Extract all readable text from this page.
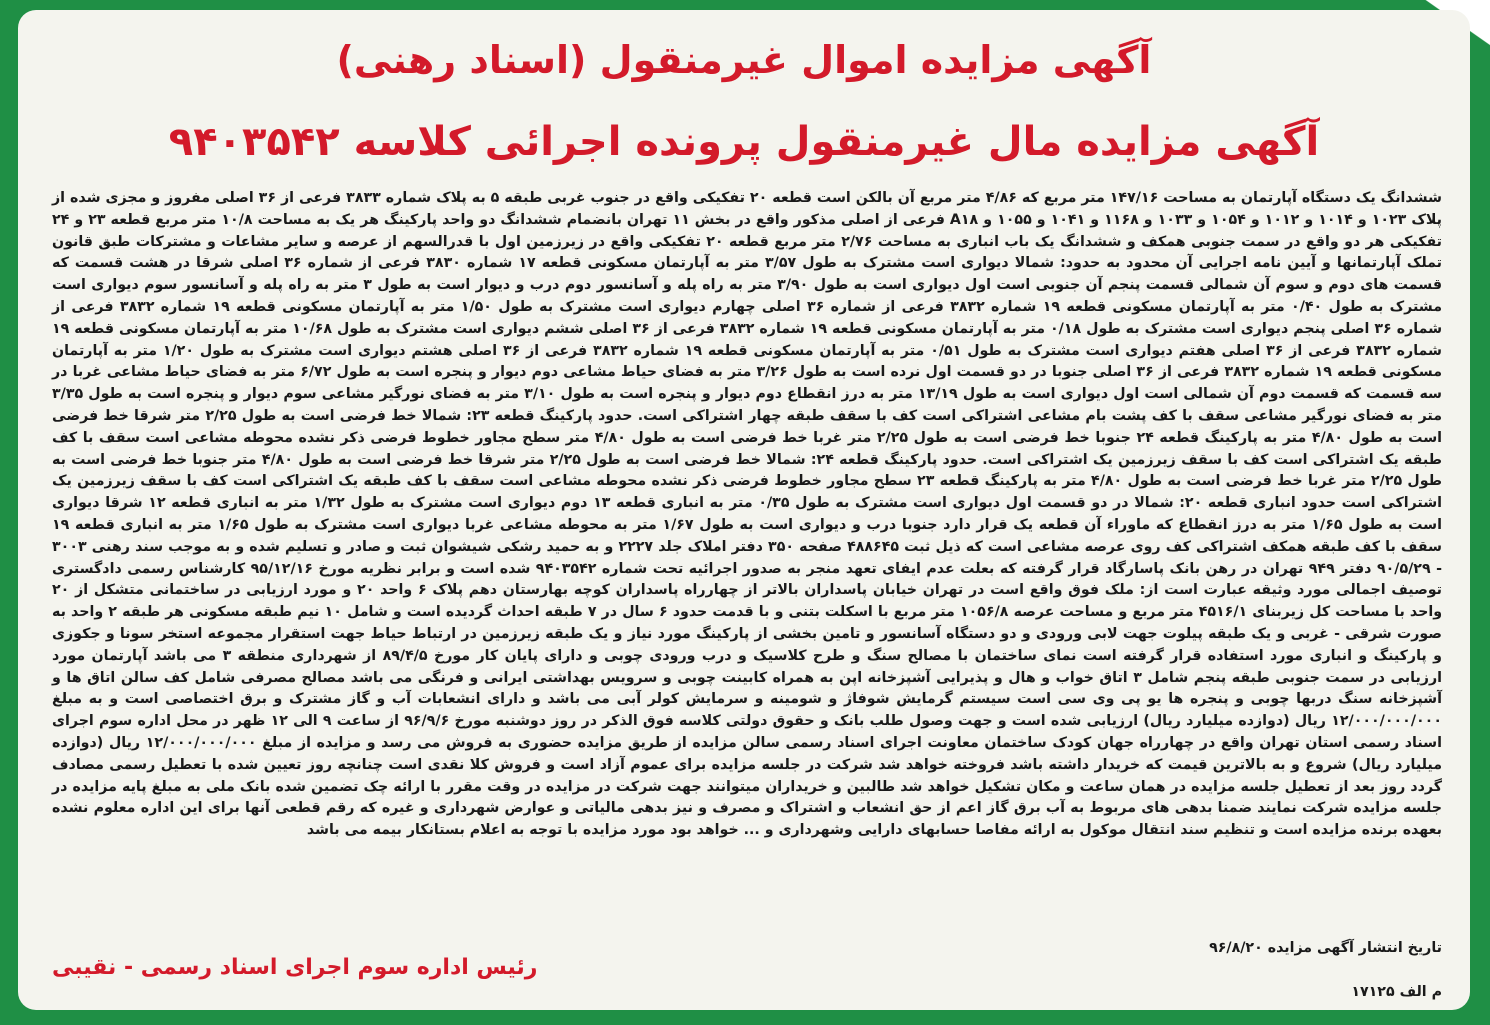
آگهی مزایده اموال غیرمنقول (اسناد رهنی)
آگهی مزایده مال غیرمنقول پرونده اجرائی کلاسه ۹۴۰۳۵۴۲

ششدانگ یک دستگاه آپارتمان به مساحت ۱۴۷/۱۶ متر مربع که ۴/۸۶ متر مربع آن بالکن است قطعه ۲۰ تفکیکی واقع در جنوب غربی طبقه ۵ به پلاک شماره ۳۸۳۳ فرعی از ۳۶ اصلی مفروز و مجزی شده از پلاک ۱۰۲۳ و ۱۰۱۴ و ۱۰۱۲ و ۱۰۵۴ و ۱۰۳۳ و ۱۱۶۸ و ۱۰۴۱ و ۱۰۵۵ و A۱۸ فرعی از اصلی مذکور واقع در بخش ۱۱ تهران بانضمام ششدانگ دو واحد پارکینگ هر یک به مساحت ۱۰/۸ متر مربع قطعه ۲۳ و ۲۴ تفکیکی هر دو واقع در سمت جنوبی همکف و ششدانگ یک باب انباری به مساحت ۲/۷۶ متر مربع قطعه ۲۰ تفکیکی واقع در زیرزمین اول با قدرالسهم از عرصه و سایر مشاعات و مشترکات طبق قانون تملک آپارتمانها و آیین نامه اجرایی آن محدود به حدود: شمالا دیواری است مشترک به طول ۳/۵۷ متر به آپارتمان مسکونی قطعه ۱۷ شماره ۳۸۳۰ فرعی از شماره ۳۶ اصلی شرقا در هشت قسمت که قسمت های دوم و سوم آن شمالی قسمت پنجم آن جنوبی است اول دیواری است به طول ۳/۹۰ متر به راه پله و آسانسور دوم درب و دیوار است به طول ۳ متر به راه پله و آسانسور سوم دیواری است مشترک به طول ۰/۴۰ متر به آپارتمان مسکونی قطعه ۱۹ شماره ۳۸۳۲ فرعی از شماره ۳۶ اصلی چهارم دیواری است مشترک به طول ۱/۵۰ متر به آپارتمان مسکونی قطعه ۱۹ شماره ۳۸۳۲ فرعی از شماره ۳۶ اصلی پنجم دیواری است مشترک به طول ۰/۱۸ متر به آپارتمان مسکونی قطعه ۱۹ شماره ۳۸۳۲ فرعی از ۳۶ اصلی ششم دیواری است مشترک به طول ۱۰/۶۸ متر به آپارتمان مسکونی قطعه ۱۹ شماره ۳۸۳۲ فرعی از ۳۶ اصلی هفتم دیواری است مشترک به طول ۰/۵۱ متر به آپارتمان مسکونی قطعه ۱۹ شماره ۳۸۳۲ فرعی از ۳۶ اصلی هشتم دیواری است مشترک به طول ۱/۲۰ متر به آپارتمان مسکونی قطعه ۱۹ شماره ۳۸۳۲ فرعی از ۳۶ اصلی جنوبا در دو قسمت اول نرده است به طول ۳/۲۶ متر به فضای حیاط مشاعی دوم دیوار و پنجره است به طول ۶/۷۲ متر به فضای حیاط مشاعی غربا در سه قسمت که قسمت دوم آن شمالی است اول دیواری است به طول ۱۳/۱۹ متر به درز انقطاع دوم دیوار و پنجره است به طول ۳/۱۰ متر به فضای نورگیر مشاعی سوم دیوار و پنجره است به طول ۳/۳۵ متر به فضای نورگیر مشاعی سقف با کف پشت بام مشاعی اشتراکی است کف با سقف طبقه چهار اشتراکی است. حدود پارکینگ قطعه ۲۳: شمالا خط فرضی است به طول ۲/۲۵ متر شرقا خط فرضی است به طول ۴/۸۰ متر به پارکینگ قطعه ۲۴ جنوبا خط فرضی است به طول ۲/۲۵ متر غربا خط فرضی است به طول ۴/۸۰ متر سطح مجاور خطوط فرضی ذکر نشده محوطه مشاعی است سقف با کف طبقه یک اشتراکی است کف با سقف زیرزمین یک اشتراکی است. حدود پارکینگ قطعه ۲۴: شمالا خط فرضی است به طول ۲/۲۵ متر شرقا خط فرضی است به طول ۴/۸۰ متر جنوبا خط فرضی است به طول ۲/۲۵ متر غربا خط فرضی است به طول ۴/۸۰ متر به پارکینگ قطعه ۲۳ سطح مجاور خطوط فرضی ذکر نشده محوطه مشاعی است سقف با کف طبقه یک اشتراکی است کف با سقف زیرزمین یک اشتراکی است حدود انباری قطعه ۲۰: شمالا در دو قسمت اول دیواری است مشترک به طول ۰/۳۵ متر به انباری قطعه ۱۳ دوم دیواری است مشترک به طول ۱/۳۲ متر به انباری قطعه ۱۲ شرقا دیواری است به طول ۱/۶۵ متر به درز انقطاع که ماوراء آن قطعه یک قرار دارد جنوبا درب و دیواری است به طول ۱/۶۷ متر به محوطه مشاعی غربا دیواری است مشترک به طول ۱/۶۵ متر به انباری قطعه ۱۹ سقف با کف طبقه همکف اشتراکی کف روی عرصه مشاعی است که ذیل ثبت ۴۸۸۶۴۵ صفحه ۳۵۰ دفتر املاک جلد ۲۲۲۷ و به حمید رشکی شیشوان ثبت و صادر و تسلیم شده و به موجب سند رهنی ۳۰۰۳ - ۹۰/۵/۲۹ دفتر ۹۴۹ تهران در رهن بانک پاسارگاد قرار گرفته که بعلت عدم ایفای تعهد منجر به صدور اجرائیه تحت شماره ۹۴۰۳۵۴۲ شده است و برابر نظریه مورخ ۹۵/۱۲/۱۶ کارشناس رسمی دادگستری توصیف اجمالی مورد وثیقه عبارت است از: ملک فوق واقع است در تهران خیابان پاسداران بالاتر از چهارراه پاسداران کوچه بهارستان دهم پلاک ۶ واحد ۲۰ و مورد ارزیابی در ساختمانی متشکل از ۲۰ واحد با مساحت کل زیربنای ۴۵۱۶/۱ متر مربع و مساحت عرصه ۱۰۵۶/۸ متر مربع با اسکلت بتنی و با قدمت حدود ۶ سال در ۷ طبقه احداث گردیده است و شامل ۱۰ نیم طبقه مسکونی هر طبقه ۲ واحد به صورت شرقی - غربی و یک طبقه پیلوت جهت لابی ورودی و دو دستگاه آسانسور و تامین بخشی از پارکینگ مورد نیاز و یک طبقه زیرزمین در ارتباط حیاط جهت استقرار مجموعه استخر سونا و جکوزی و پارکینگ و انباری مورد استفاده قرار گرفته است نمای ساختمان با مصالح سنگ و طرح کلاسیک و درب ورودی چوبی و دارای پایان کار مورخ ۸۹/۴/۵ از شهرداری منطقه ۳ می باشد آپارتمان مورد ارزیابی در سمت جنوبی طبقه پنجم شامل ۳ اتاق خواب و هال و پذیرایی آشپزخانه اپن به همراه کابینت چوبی و سرویس بهداشتی ایرانی و فرنگی می باشد مصالح مصرفی شامل کف سالن اتاق ها و آشپزخانه سنگ دربها چوبی و پنجره ها یو پی وی سی است سیستم گرمایش شوفاژ و شومینه و سرمایش کولر آبی می باشد و دارای انشعابات آب و گاز مشترک و برق اختصاصی است و به مبلغ ۱۲/۰۰۰/۰۰۰/۰۰۰ ریال (دوازده میلیارد ریال) ارزیابی شده است و جهت وصول طلب بانک و حقوق دولتی کلاسه فوق الذکر در روز دوشنبه مورخ ۹۶/۹/۶ از ساعت ۹ الی ۱۲ ظهر در محل اداره سوم اجرای اسناد رسمی استان تهران واقع در چهارراه جهان کودک ساختمان معاونت اجرای اسناد رسمی سالن مزایده از طریق مزایده حضوری به فروش می رسد و مزایده از مبلغ ۱۲/۰۰۰/۰۰۰/۰۰۰ ریال (دوازده میلیارد ریال) شروع و به بالاترین قیمت که خریدار داشته باشد فروخته خواهد شد شرکت در جلسه مزایده برای عموم آزاد است و فروش کلا نقدی است چنانچه روز تعیین شده با تعطیل رسمی مصادف گردد روز بعد از تعطیل جلسه مزایده در همان ساعت و مکان تشکیل خواهد شد طالبین و خریداران میتوانند جهت شرکت در مزایده در وقت مقرر با ارائه چک تضمین شده بانک ملی به مبلغ پایه مزایده در جلسه مزایده شرکت نمایند ضمنا بدهی های مربوط به آب برق گاز اعم از حق انشعاب و اشتراک و مصرف و نیز بدهی مالیاتی و عوارض شهرداری و غیره که رقم قطعی آنها برای این اداره معلوم نشده بعهده برنده مزایده است و تنظیم سند انتقال موکول به ارائه مفاصا حسابهای دارایی وشهرداری و ... خواهد بود مورد مزایده با توجه به اعلام بستانکار بیمه می باشد

تاریخ انتشار آگهی مزایده ۹۶/۸/۲۰
رئیس اداره سوم اجرای اسناد رسمی - نقیبی
م الف ۱۷۱۲۵
